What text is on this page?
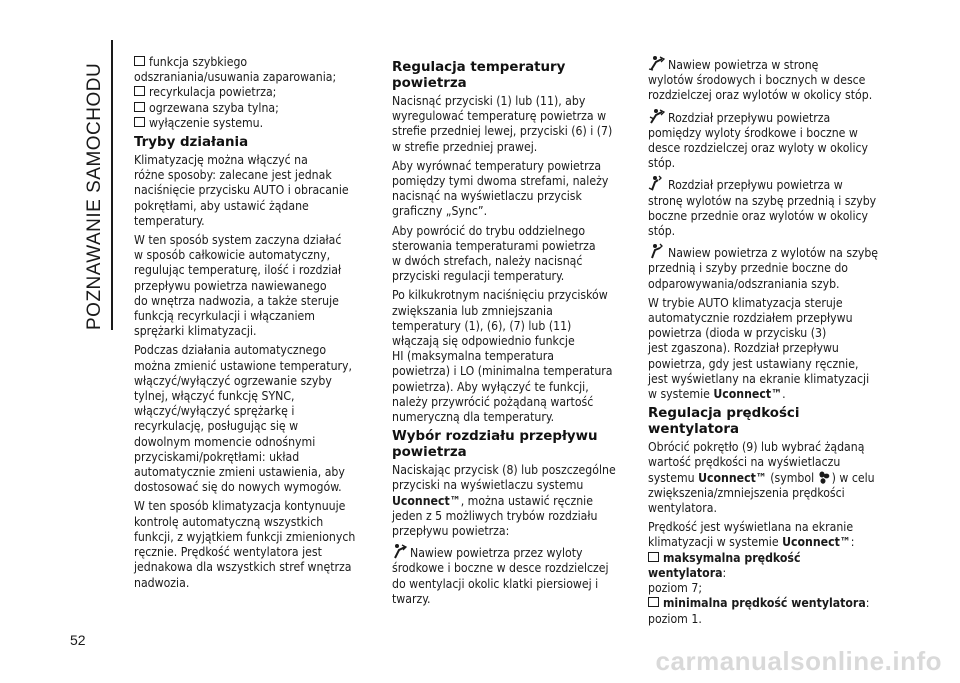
POZNAWANIE SAMOCHODU
funkcja szybkiego
odszraniania/usuwania zaparowania;
recyrkulacja powietrza;
ogrzewana szyba tylna;
wyłączenie systemu.
Tryby działania

Klimatyzację można włączyć na
różne sposoby: zalecane jest jednak
naciśnięcie przycisku AUTO i obracanie
pokrętłami, aby ustawić żądane
temperatury.

W ten sposób system zaczyna działać
w sposób całkowicie automatyczny,
regulując temperaturę, ilość i rozdział
przepływu powietrza nawiewanego
do wnętrza nadwozia, a także steruje
funkcją recyrkulacji i włączaniem
sprężarki klimatyzacji.

Podczas działania automatycznego
można zmienić ustawione temperatury,
włączyć/wyłączyć ogrzewanie szyby
tylnej, włączyć funkcję SYNC,
włączyć/wyłączyć sprężarkę i
recyrkulację, posługując się w
dowolnym momencie odnośnymi
przyciskami/pokrętłami: układ
automatycznie zmieni ustawienia, aby
dostosować się do nowych wymogów.

W ten sposób klimatyzacja kontynuuje
kontrolę automatyczną wszystkich
funkcji, z wyjątkiem funkcji zmienionych
ręcznie. Prędkość wentylatora jest
jednakowa dla wszystkich stref wnętrza
nadwozia.

Regulacja temperatury
powietrza

Nacisnąć przyciski (1) lub (11), aby
wyregulować temperaturę powietrza w
strefie przedniej lewej, przyciski (6) i (7)
w strefie przedniej prawej.

Aby wyrównać temperatury powietrza
pomiędzy tymi dwoma strefami, należy
nacisnąć na wyświetlaczu przycisk
graficzny „Sync”.

Aby powrócić do trybu oddzielnego
sterowania temperaturami powietrza
w dwóch strefach, należy nacisnąć
przyciski regulacji temperatury.

Po kilkukrotnym naciśnięciu przycisków
zwiększania lub zmniejszania
temperatury (1), (6), (7) lub (11)
włączają się odpowiednio funkcje
HI (maksymalna temperatura
powietrza) i LO (minimalna temperatura
powietrza). Aby wyłączyć te funkcji,
należy przywrócić pożądaną wartość
numeryczną dla temperatury.

Wybór rozdziału przepływu
powietrza

Naciskając przycisk (8) lub poszczególne
przyciski na wyświetlaczu systemu
Uconnect™, można ustawić ręcznie
jeden z 5 możliwych trybów rozdziału
przepływu powietrza:

Nawiew powietrza przez wyloty
środkowe i boczne w desce rozdzielczej
do wentylacji okolic klatki piersiowej i
twarzy.

Nawiew powietrza w stronę
wylotów środowych i bocznych w desce
rozdzielczej oraz wylotów w okolicy stóp.

Rozdział przepływu powietrza
pomiędzy wyloty środkowe i boczne w
desce rozdzielczej oraz wyloty w okolicy
stóp.

Rozdział przepływu powietrza w
stronę wylotów na szybę przednią i szyby
boczne przednie oraz wylotów w okolicy
stóp.

Nawiew powietrza z wylotów na szybę
przednią i szyby przednie boczne do
odparowywania/odszraniania szyb.

W trybie AUTO klimatyzacja steruje
automatycznie rozdziałem przepływu
powietrza (dioda w przycisku (3)
jest zgaszona). Rozdział przepływu
powietrza, gdy jest ustawiany ręcznie,
jest wyświetlany na ekranie klimatyzacji
w systemie Uconnect™.

Regulacja prędkości wentylatora

Obrócić pokrętło (9) lub wybrać żądaną
wartość prędkości na wyświetlaczu
systemu Uconnect™ (symbol ) w celu
zwiększenia/zmniejszenia prędkości
wentylatora.

Prędkość jest wyświetlana na ekranie
klimatyzacji w systemie Uconnect™:

maksymalna prędkość wentylatora:
poziom 7;
minimalna prędkość wentylatora:
poziom 1.
52
carmanualsonline.info
